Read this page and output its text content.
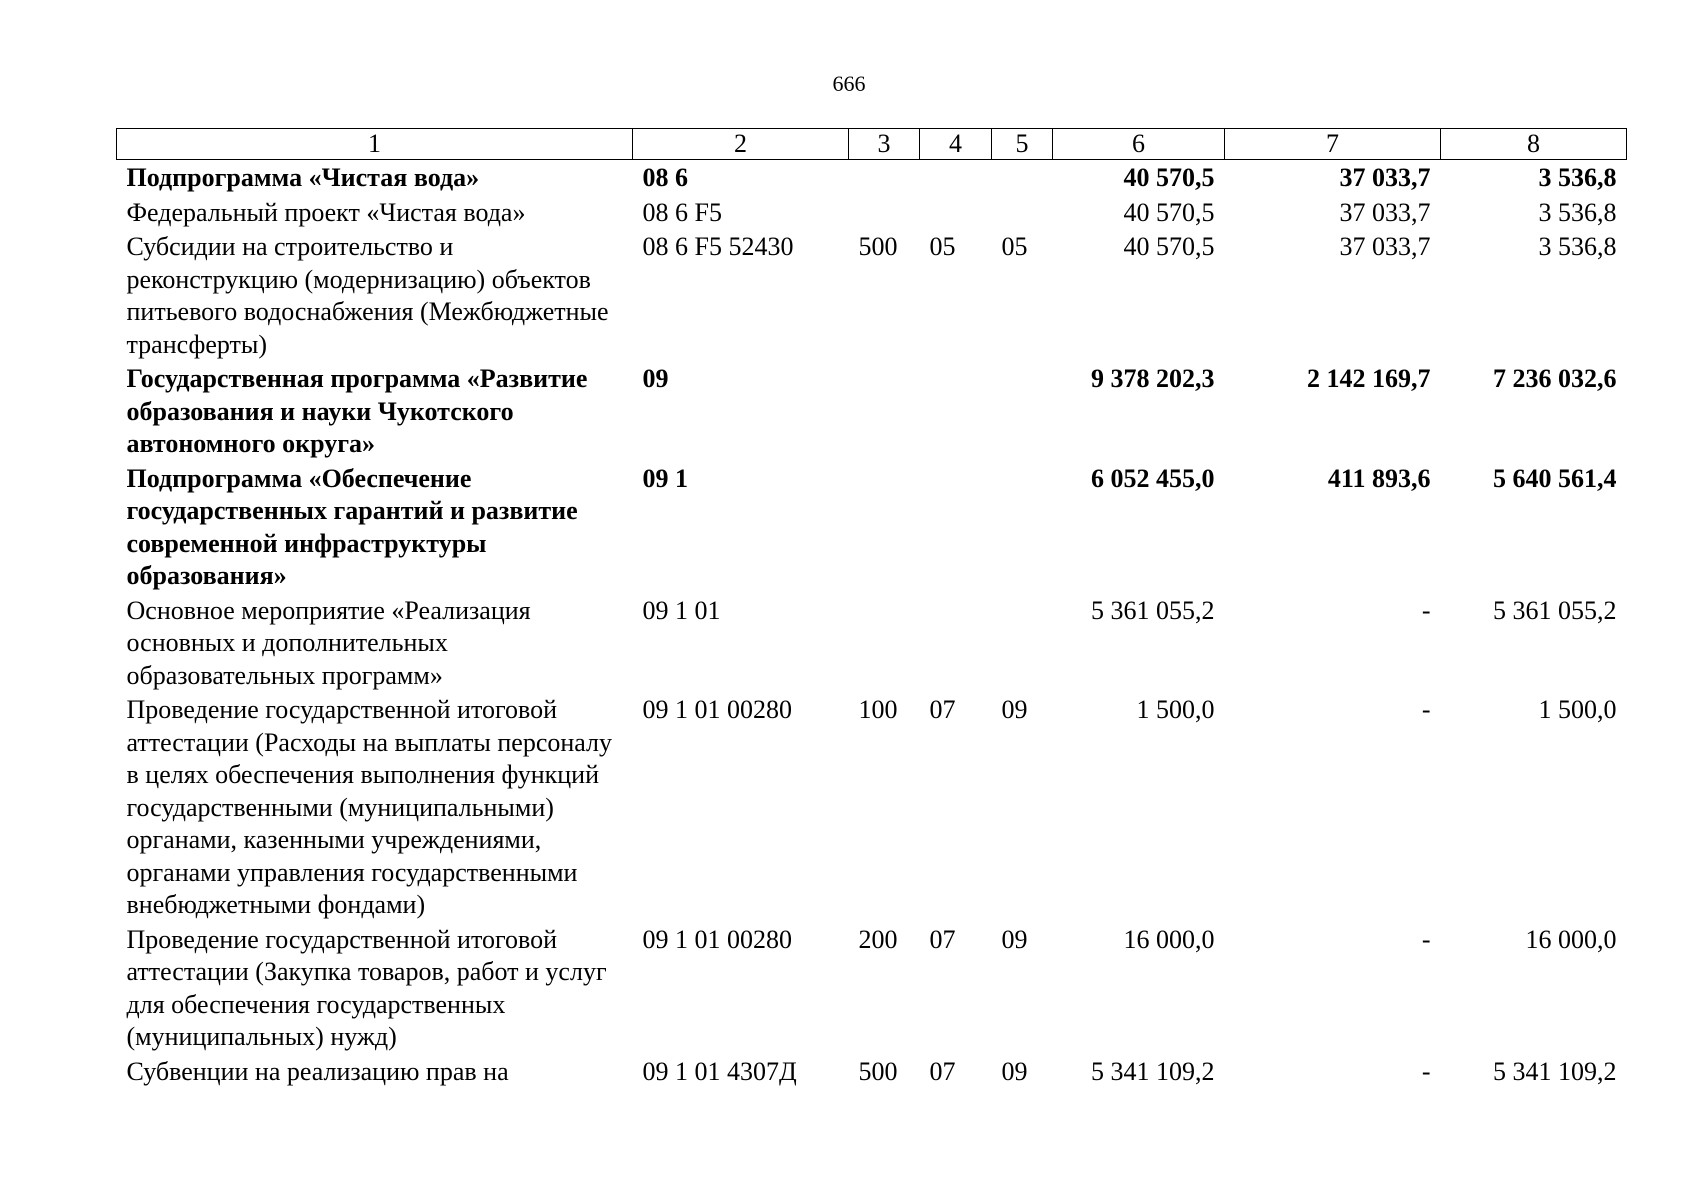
666
1	2	3	4	5	6	7	8
Подпрограмма «Чистая вода»	08 6				40 570,5	37 033,7	3 536,8
Федеральный проект «Чистая вода»	08 6 F5				40 570,5	37 033,7	3 536,8
Субсидии на строительство и реконструкцию (модернизацию) объектов питьевого водоснабжения (Межбюджетные трансферты)	08 6 F5 52430	500	05	05	40 570,5	37 033,7	3 536,8
Государственная программа «Развитие образования и науки Чукотского автономного округа»	09				9 378 202,3	2 142 169,7	7 236 032,6
Подпрограмма «Обеспечение государственных гарантий и развитие современной инфраструктуры образования»	09 1				6 052 455,0	411 893,6	5 640 561,4
Основное мероприятие «Реализация основных и дополнительных образовательных программ»	09 1 01				5 361 055,2	-	5 361 055,2
Проведение государственной итоговой аттестации (Расходы на выплаты персоналу в целях обеспечения выполнения функций государственными (муниципальными) органами, казенными учреждениями, органами управления государственными внебюджетными фондами)	09 1 01 00280	100	07	09	1 500,0	-	1 500,0
Проведение государственной итоговой аттестации (Закупка товаров, работ и услуг для обеспечения государственных (муниципальных) нужд)	09 1 01 00280	200	07	09	16 000,0	-	16 000,0
Субвенции на реализацию прав на	09 1 01 4307Д	500	07	09	5 341 109,2	-	5 341 109,2
